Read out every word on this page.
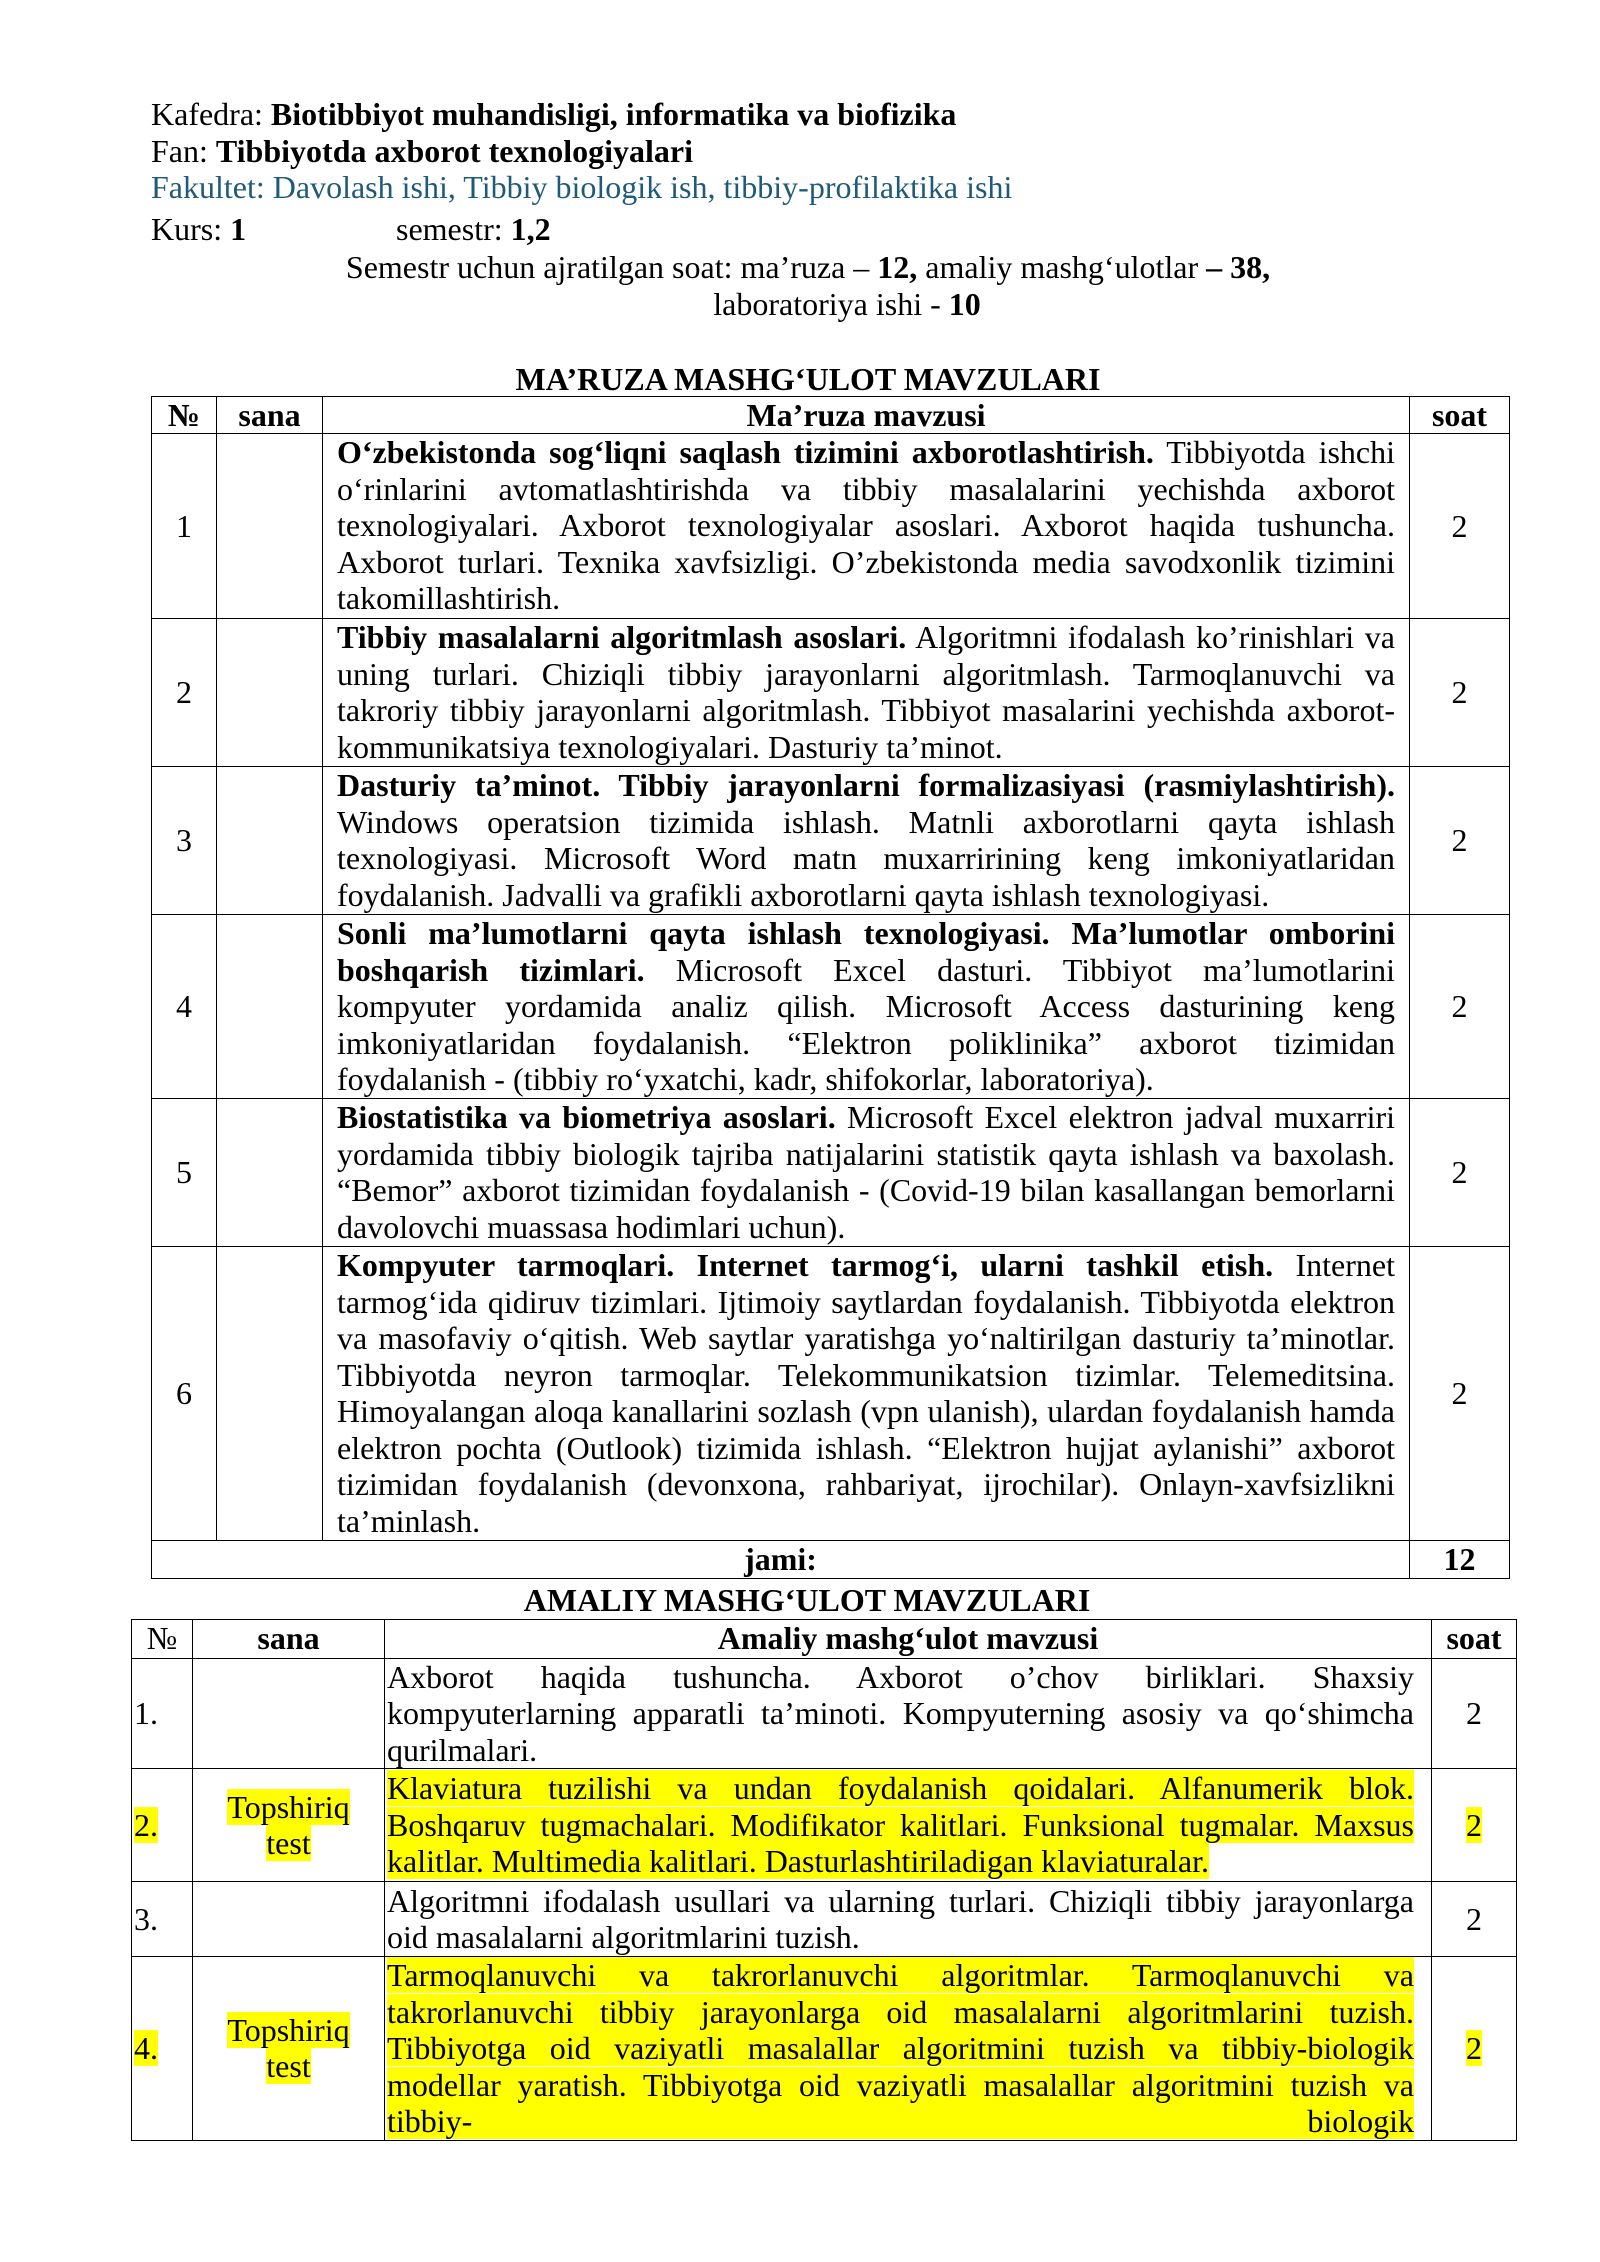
Kafedra: Biotibbiyot muhandisligi, informatika va biofizika
Fan: Tibbiyotda axborot texnologiyalari
Fakultet: Davolash ishi, Tibbiy biologik ish, tibbiy-profilaktika ishi
Kurs: 1	semestr: 1,2
Semestr uchun ajratilgan soat: ma’ruza – 12, amaliy mashg‘ulotlar – 38,
laboratoriya ishi - 10
MA’RUZA MASHG‘ULOT MAVZULARI
№	sana	Ma’ruza mavzusi	soat
1		O‘zbekistonda sog‘liqni saqlash tizimini axborotlashtirish. Tibbiyotda ishchi o‘rinlarini avtomatlashtirishda va tibbiy masalalarini yechishda axborot texnologiyalari. Axborot texnologiyalar asoslari. Axborot haqida tushuncha. Axborot turlari. Texnika xavfsizligi. O’zbekistonda media savodxonlik tizimini takomillashtirish.	2
2		Tibbiy masalalarni algoritmlash asoslari. Algoritmni ifodalash ko’rinishlari va uning turlari. Chiziqli tibbiy jarayonlarni algoritmlash. Tarmoqlanuvchi va takroriy tibbiy jarayonlarni algoritmlash. Tibbiyot masalarini yechishda axborot-kommunikatsiya texnologiyalari. Dasturiy ta’minot.	2
3		Dasturiy ta’minot. Tibbiy jarayonlarni formalizasiyasi (rasmiylashtirish). Windows operatsion tizimida ishlash. Matnli axborotlarni qayta ishlash texnologiyasi. Microsoft Word matn muxarririning keng imkoniyatlaridan foydalanish. Jadvalli va grafikli axborotlarni qayta ishlash texnologiyasi.	2
4		Sonli ma’lumotlarni qayta ishlash texnologiyasi. Ma’lumotlar omborini boshqarish tizimlari. Microsoft Excel dasturi. Tibbiyot ma’lumotlarini kompyuter yordamida analiz qilish. Microsoft Access dasturining keng imkoniyatlaridan foydalanish. “Elektron poliklinika” axborot tizimidan foydalanish - (tibbiy ro‘yxatchi, kadr, shifokorlar, laboratoriya).	2
5		Biostatistika va biometriya asoslari. Microsoft Excel elektron jadval muxarriri yordamida tibbiy biologik tajriba natijalarini statistik qayta ishlash va baxolash. “Bemor” axborot tizimidan foydalanish - (Covid-19 bilan kasallangan bemorlarni davolovchi muassasa hodimlari uchun).	2
6		Kompyuter tarmoqlari. Internet tarmog‘i, ularni tashkil etish. Internet tarmog‘ida qidiruv tizimlari. Ijtimoiy saytlardan foydalanish. Tibbiyotda elektron va masofaviy o‘qitish. Web saytlar yaratishga yo‘naltirilgan dasturiy ta’minotlar. Tibbiyotda neyron tarmoqlar. Telekommunikatsion tizimlar. Telemeditsina. Himoyalangan aloqa kanallarini sozlash (vpn ulanish), ulardan foydalanish hamda elektron pochta (Outlook) tizimida ishlash. “Elektron hujjat aylanishi” axborot tizimidan foydalanish (devonxona, rahbariyat, ijrochilar). Onlayn-xavfsizlikni ta’minlash.	2
jami:			12
AMALIY MASHG‘ULOT MAVZULARI
№	sana	Amaliy mashg‘ulot mavzusi	soat
1.		Axborot haqida tushuncha. Axborot o’chov birliklari. Shaxsiy kompyuterlarning apparatli ta’minoti. Kompyuterning asosiy va qo‘shimcha qurilmalari.	2
2.	Topshiriq test	Klaviatura tuzilishi va undan foydalanish qoidalari. Alfanumerik blok. Boshqaruv tugmachalari. Modifikator kalitlari. Funksional tugmalar. Maxsus kalitlar. Multimedia kalitlari. Dasturlashtiriladigan klaviaturalar.	2
3.		Algoritmni ifodalash usullari va ularning turlari. Chiziqli tibbiy jarayonlarga oid masalalarni algoritmlarini tuzish.	2
4.	Topshiriq test	Tarmoqlanuvchi va takrorlanuvchi algoritmlar. Tarmoqlanuvchi va takrorlanuvchi tibbiy jarayonlarga oid masalalarni algoritmlarini tuzish. Tibbiyotga oid vaziyatli masalallar algoritmini tuzish va tibbiy-biologik modellar yaratish. Tibbiyotga oid vaziyatli masalallar algoritmini tuzish va tibbiy- biologik	2
